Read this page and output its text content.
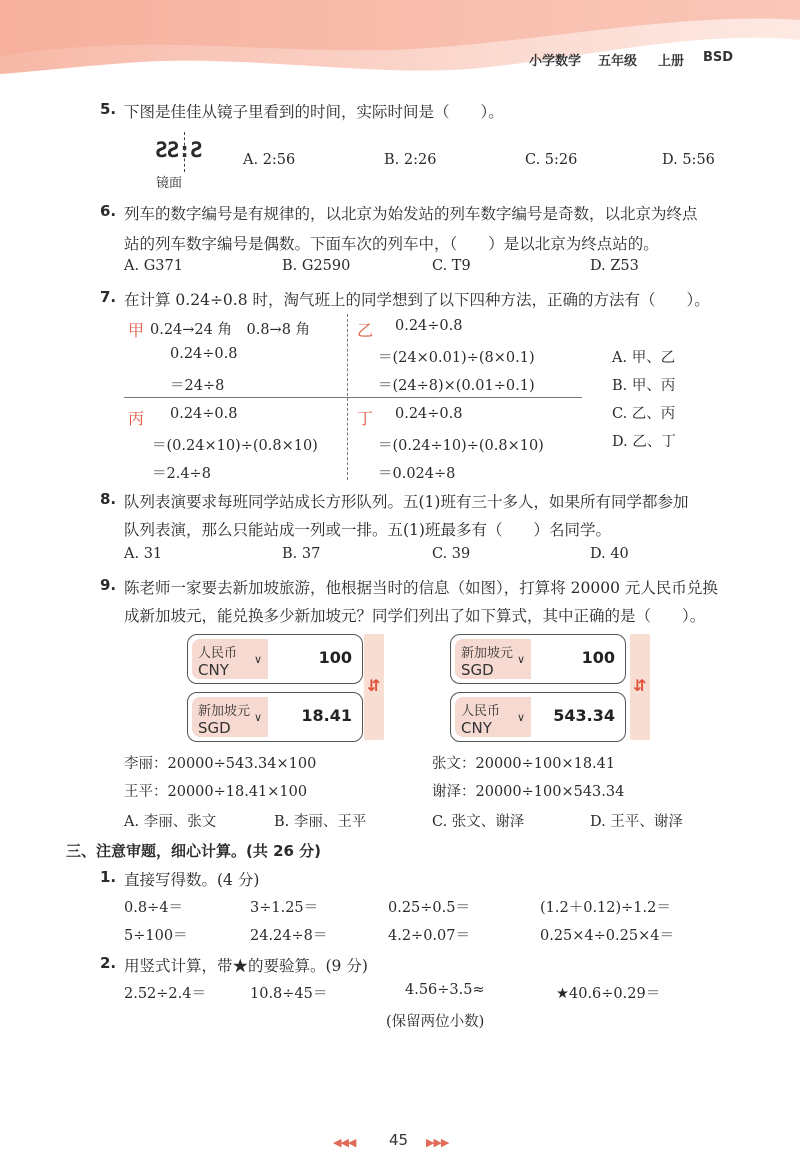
小学数学 五年级 上册 BSD
5. 下图是佳佳从镜子里看到的时间，实际时间是（　　）。
ƧƧ:Ƨ
镜面
A. 2:56	B. 2:26	C. 5:26	D. 5:56
6. 列车的数字编号是有规律的，以北京为始发站的列车数字编号是奇数，以北京为终点
站的列车数字编号是偶数。下面车次的列车中，（　　）是以北京为终点站的。
A. G371	B. G2590	C. T9	D. Z53
7. 在计算 0.24÷0.8 时，淘气班上的同学想到了以下四种方法，正确的方法有（　　）。
甲 0.24→24 角　0.8→8 角
0.24÷0.8
＝24÷8
乙 0.24÷0.8
＝(24×0.01)÷(8×0.1)
＝(24÷8)×(0.01÷0.1)
丙 0.24÷0.8
＝(0.24×10)÷(0.8×10)
＝2.4÷8
丁 0.24÷0.8
＝(0.24÷10)÷(0.8×10)
＝0.024÷8
A. 甲、乙
B. 甲、丙
C. 乙、丙
D. 乙、丁
8. 队列表演要求每班同学站成长方形队列。五(1)班有三十多人，如果所有同学都参加
队列表演，那么只能站成一列或一排。五(1)班最多有（　　）名同学。
A. 31	B. 37	C. 39	D. 40
9. 陈老师一家要去新加坡旅游，他根据当时的信息（如图），打算将 20000 元人民币兑换
成新加坡元，能兑换多少新加坡元？同学们列出了如下算式，其中正确的是（　　）。
人民币
CNY
∨	100
新加坡元
SGD
∨ 18.41
⇵
新加坡元
SGD
∨	100
人民币
CNY
∨ 543.34
⇵
李丽：20000÷543.34×100	张文：20000÷100×18.41
王平：20000÷18.41×100	谢泽：20000÷100×543.34
A. 李丽、张文	B. 李丽、王平	C. 张文、谢泽	D. 王平、谢泽
三、注意审题，细心计算。(共 26 分)
1. 直接写得数。(4 分)
0.8÷4＝	3÷1.25＝	0.25÷0.5＝	(1.2＋0.12)÷1.2＝
5÷100＝	24.24÷8＝	4.2÷0.07＝	0.25×4÷0.25×4＝
2. 用竖式计算，带★的要验算。(9 分)
2.52÷2.4＝	10.8÷45＝	4.56÷3.5≈	★40.6÷0.29＝
(保留两位小数)
◀◀◀ 45 ▶▶▶
